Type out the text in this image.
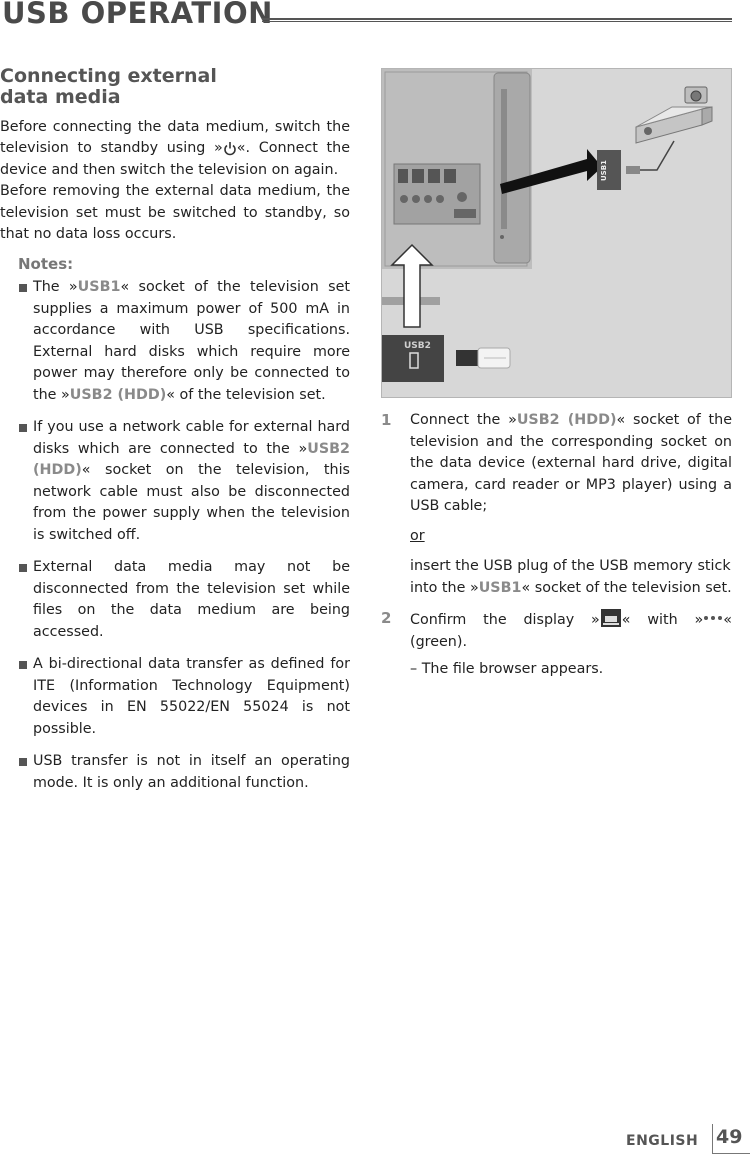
USB OPERATION
Connecting external
data media

Before connecting the data medium, switch the television to standby using » «. Connect the device and then switch the television on again.

Before removing the external data medium, the television set must be switched to standby, so that no data loss occurs.

Notes:
The »USB1« socket of the television set supplies a maximum power of 500 mA in accordance with USB specifications. External hard disks which require more power may therefore only be connected to the »USB2 (HDD)« of the television set.
If you use a network cable for external hard disks which are connected to the »USB2 (HDD)« socket on the television, this network cable must also be disconnected from the power supply when the television is switched off.
External data media may not be disconnected from the television set while files on the data medium are being accessed.
A bi-directional data transfer as defined for ITE (Information Technology Equipment) devices in EN 55022/EN 55024 is not possible.
USB transfer is not in itself an operating mode. It is only an additional function.
USB2
USB1
1 Connect the »USB2 (HDD)« socket of the television and the corresponding socket on the data device (external hard drive, digital camera, card reader or MP3 player) using a USB cable;
or
insert the USB plug of the USB memory stick into the »USB1« socket of the television set.
2 Confirm the display » « with » « (green).
– The file browser appears.
ENGLISH 49
